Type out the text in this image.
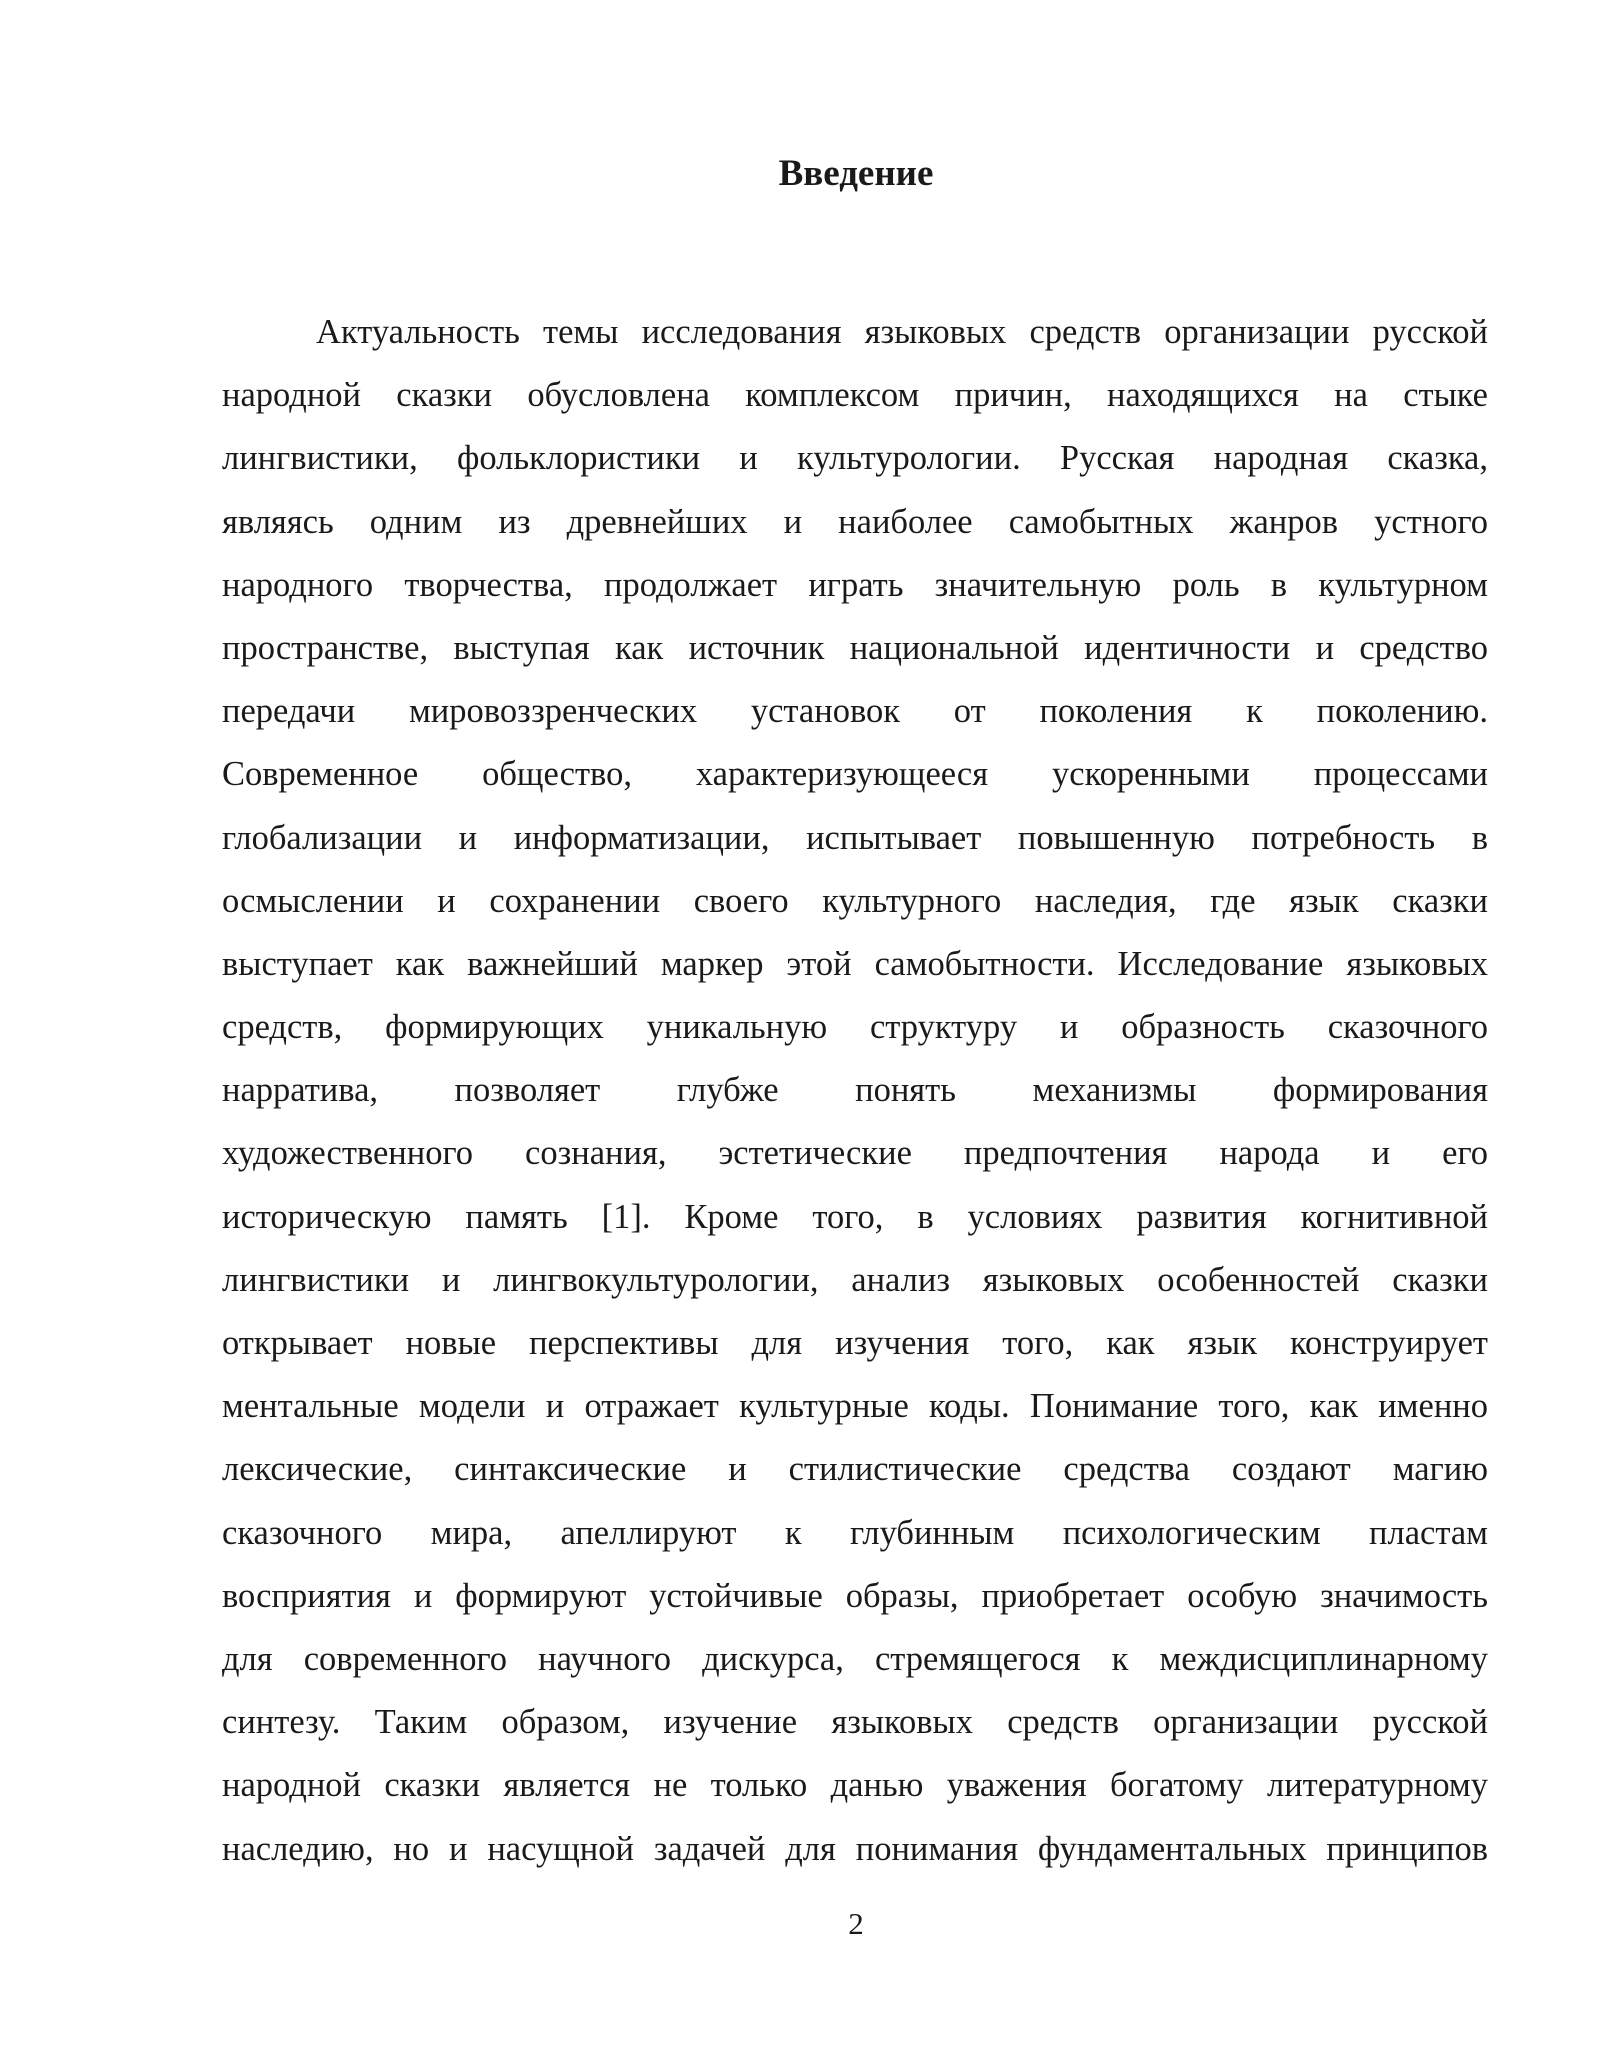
Введение
Актуальность темы исследования языковых средств организации русской
народной сказки обусловлена комплексом причин, находящихся на стыке
лингвистики, фольклористики и культурологии. Русская народная сказка,
являясь одним из древнейших и наиболее самобытных жанров устного
народного творчества, продолжает играть значительную роль в культурном
пространстве, выступая как источник национальной идентичности и средство
передачи мировоззренческих установок от поколения к поколению.
Современное общество, характеризующееся ускоренными процессами
глобализации и информатизации, испытывает повышенную потребность в
осмыслении и сохранении своего культурного наследия, где язык сказки
выступает как важнейший маркер этой самобытности. Исследование языковых
средств, формирующих уникальную структуру и образность сказочного
нарратива, позволяет глубже понять механизмы формирования
художественного сознания, эстетические предпочтения народа и его
историческую память [1]. Кроме того, в условиях развития когнитивной
лингвистики и лингвокультурологии, анализ языковых особенностей сказки
открывает новые перспективы для изучения того, как язык конструирует
ментальные модели и отражает культурные коды. Понимание того, как именно
лексические, синтаксические и стилистические средства создают магию
сказочного мира, апеллируют к глубинным психологическим пластам
восприятия и формируют устойчивые образы, приобретает особую значимость
для современного научного дискурса, стремящегося к междисциплинарному
синтезу. Таким образом, изучение языковых средств организации русской
народной сказки является не только данью уважения богатому литературному
наследию, но и насущной задачей для понимания фундаментальных принципов
2
